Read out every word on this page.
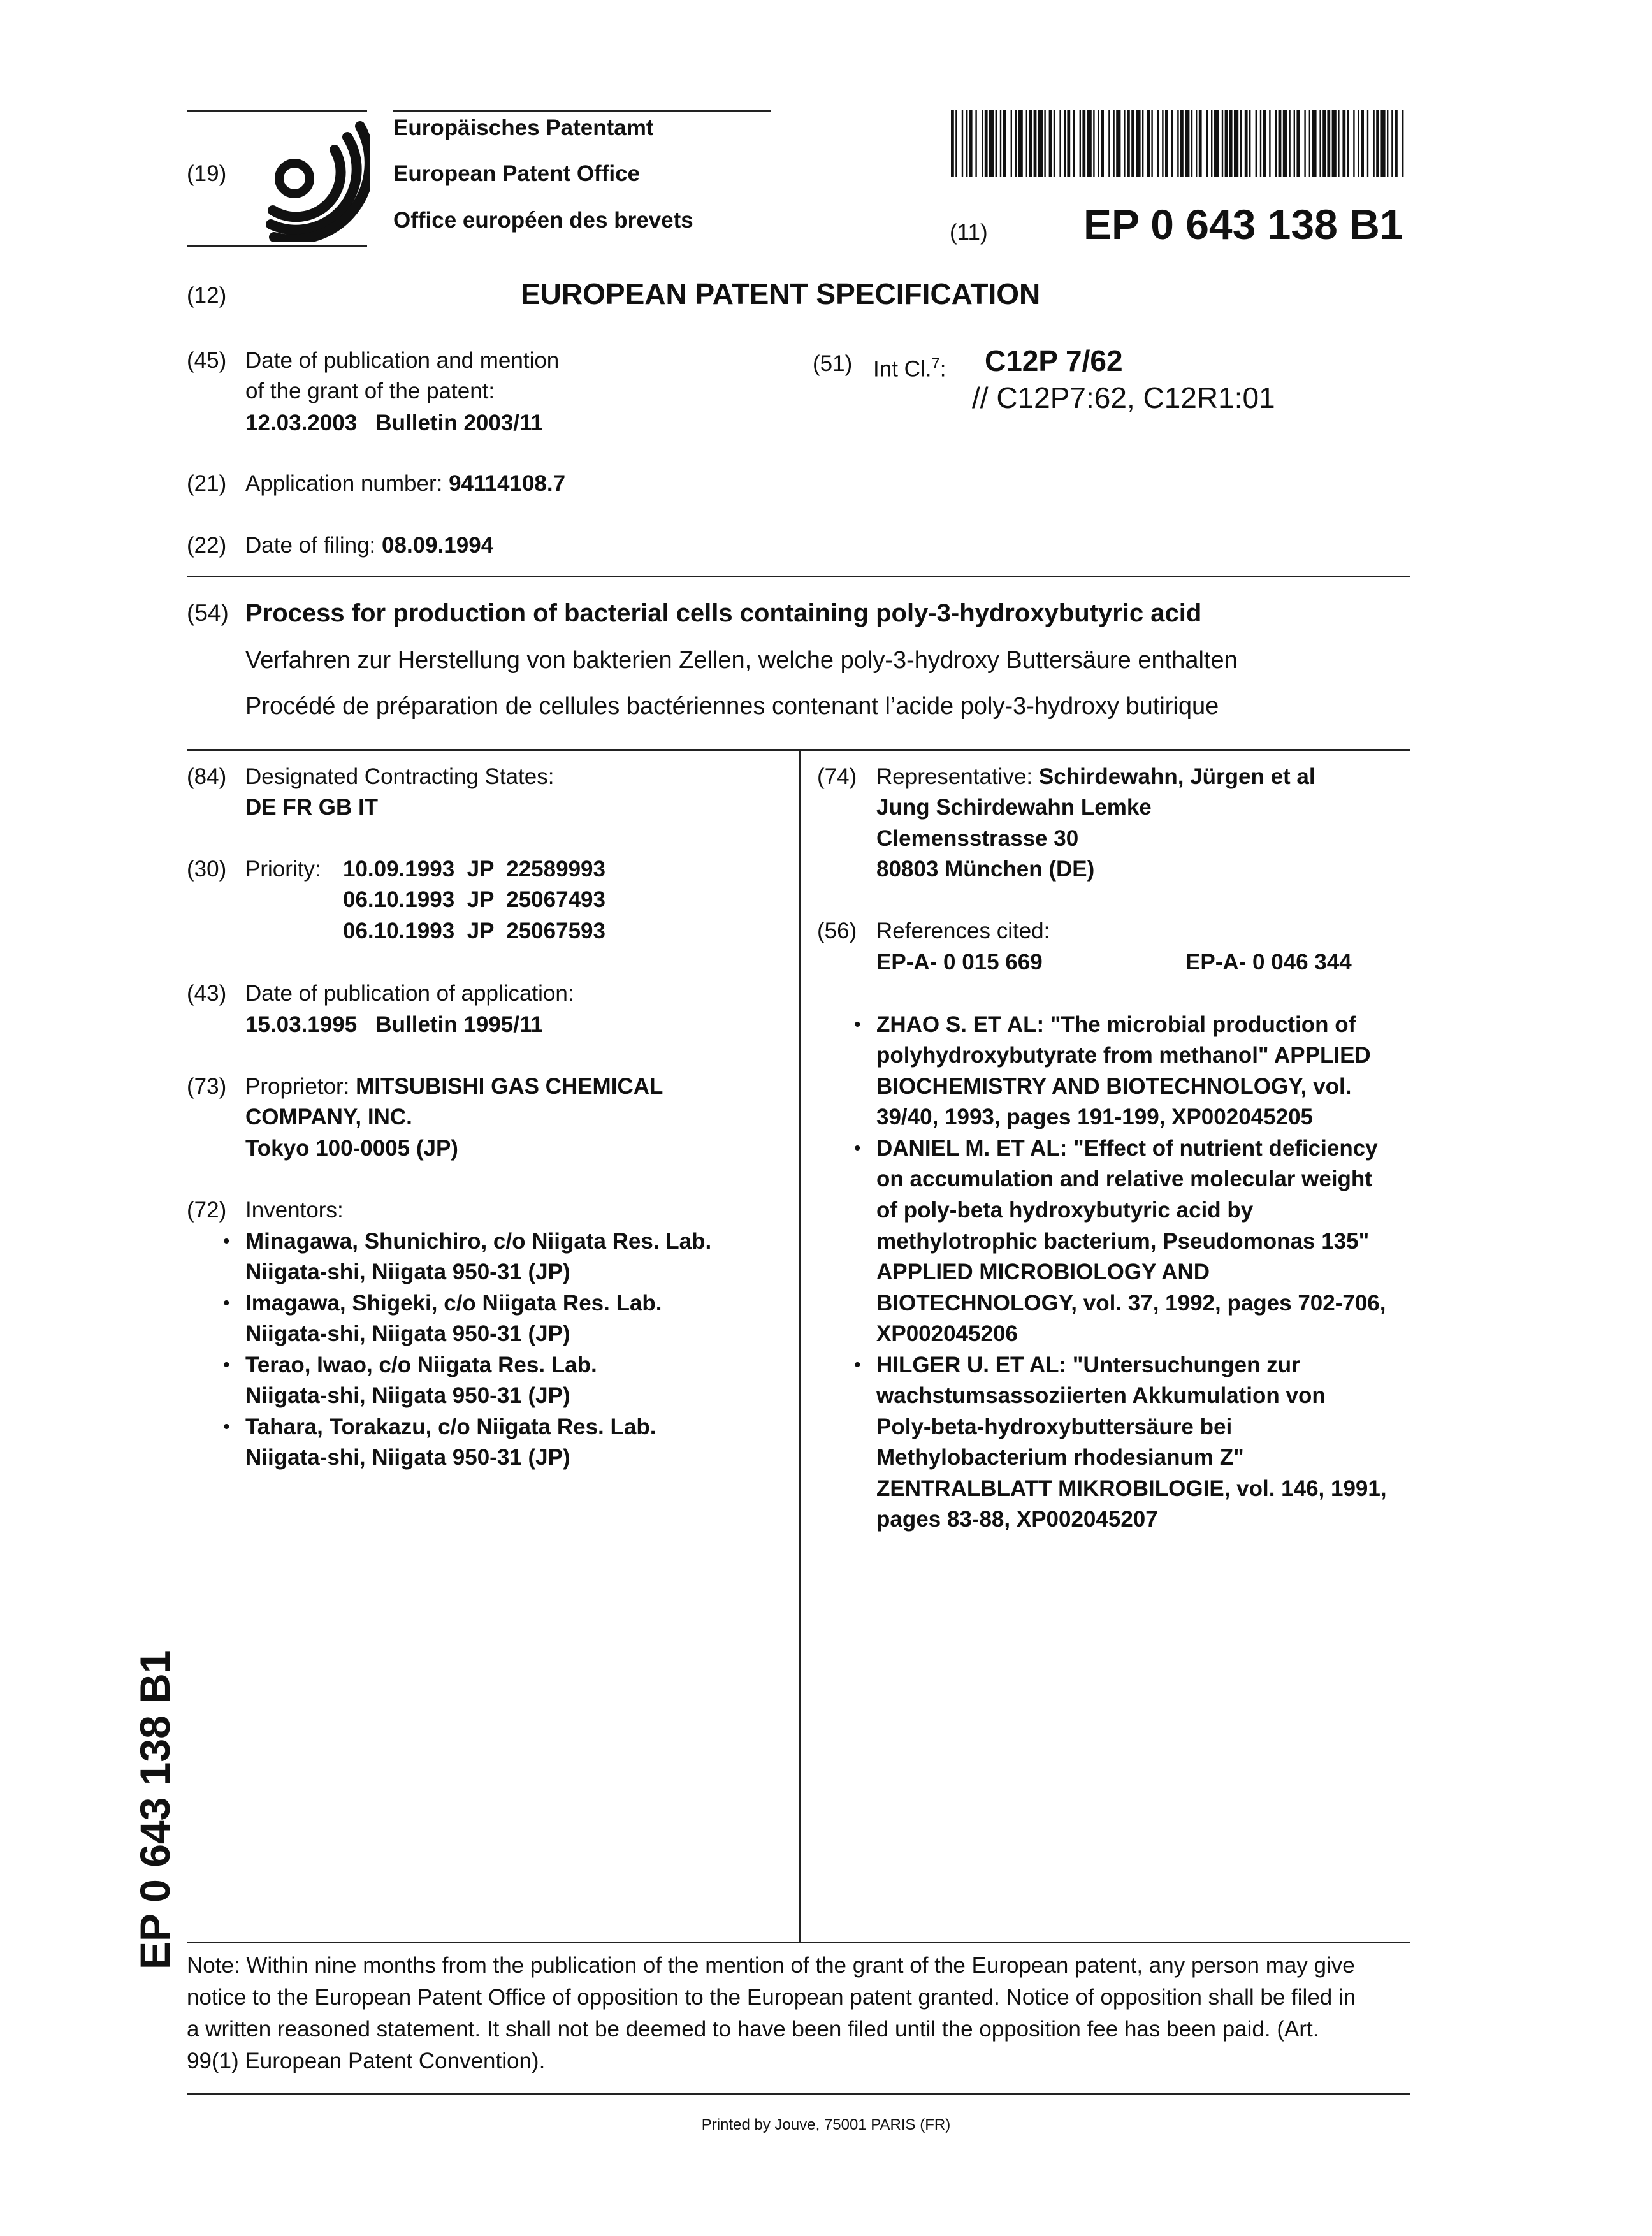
(19)
Europäisches Patentamt
European Patent Office
Office européen des brevets	(11) EP 0 643 138 B1
(12)	EUROPEAN PATENT SPECIFICATION
(45) Date of publication and mention
of the grant of the patent:
12.03.2003   Bulletin 2003/11
(51) Int Cl.$^7$: C12P 7/62
// C12P7:62, C12R1:01
(21) Application number: 94114108.7
(22) Date of filing: 08.09.1994
(54) Process for production of bacterial cells containing poly-3-hydroxybutyric acid
Verfahren zur Herstellung von bakterien Zellen, welche poly-3-hydroxy Buttersäure enthalten
Procédé de préparation de cellules bactériennes contenant l’acide poly-3-hydroxy butirique
(84) Designated Contracting States:
DE FR GB IT
(30) Priority: 10.09.1993  JP  22589993
06.10.1993  JP  25067493
06.10.1993  JP  25067593
(43) Date of publication of application:
15.03.1995   Bulletin 1995/11
(73) Proprietor: MITSUBISHI GAS CHEMICAL
COMPANY, INC.
Tokyo 100-0005 (JP)
(72) Inventors:
• Minagawa, Shunichiro, c/o Niigata Res. Lab.
Niigata-shi, Niigata 950-31 (JP)
• Imagawa, Shigeki, c/o Niigata Res. Lab.
Niigata-shi, Niigata 950-31 (JP)
• Terao, Iwao, c/o Niigata Res. Lab.
Niigata-shi, Niigata 950-31 (JP)
• Tahara, Torakazu, c/o Niigata Res. Lab.
Niigata-shi, Niigata 950-31 (JP)
(74) Representative: Schirdewahn, Jürgen et al
Jung Schirdewahn Lemke
Clemensstrasse 30
80803 München (DE)
(56) References cited:
EP-A- 0 015 669	EP-A- 0 046 344
• ZHAO S. ET AL: "The microbial production of
polyhydroxybutyrate from methanol" APPLIED
BIOCHEMISTRY AND BIOTECHNOLOGY, vol.
39/40, 1993, pages 191-199, XP002045205
• DANIEL M. ET AL: "Effect of nutrient deficiency
on accumulation and relative molecular weight
of poly-beta hydroxybutyric acid by
methylotrophic bacterium, Pseudomonas 135"
APPLIED MICROBIOLOGY AND
BIOTECHNOLOGY, vol. 37, 1992, pages 702-706,
XP002045206
• HILGER U. ET AL: "Untersuchungen zur
wachstumsassoziierten Akkumulation von
Poly-beta-hydroxybuttersäure bei
Methylobacterium rhodesianum Z"
ZENTRALBLATT MIKROBILOGIE, vol. 146, 1991,
pages 83-88, XP002045207
EP 0 643 138 B1 Note: Within nine months from the publication of the mention of the grant of the European patent, any person may give
notice to the European Patent Office of opposition to the European patent granted. Notice of opposition shall be filed in
a written reasoned statement. It shall not be deemed to have been filed until the opposition fee has been paid. (Art.
99(1) European Patent Convention).
Printed by Jouve, 75001 PARIS (FR)
